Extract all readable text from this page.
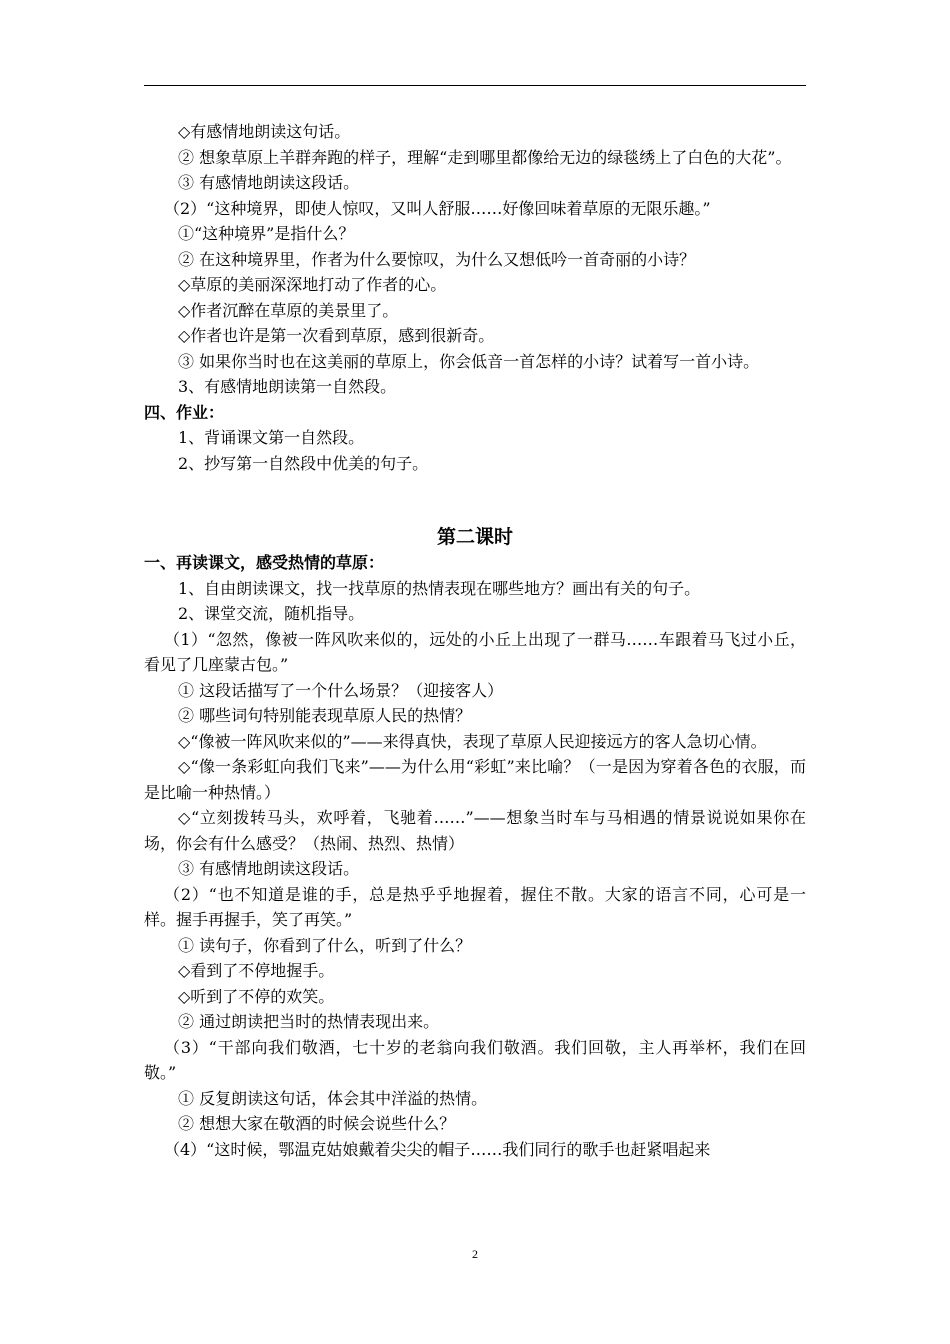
◇有感情地朗读这句话。
② 想象草原上羊群奔跑的样子，理解“走到哪里都像给无边的绿毯绣上了白色的大花”。
③ 有感情地朗读这段话。
（2）“这种境界，即使人惊叹，又叫人舒服……好像回味着草原的无限乐趣。”
①“这种境界”是指什么？
② 在这种境界里，作者为什么要惊叹，为什么又想低吟一首奇丽的小诗？
◇草原的美丽深深地打动了作者的心。
◇作者沉醉在草原的美景里了。
◇作者也许是第一次看到草原，感到很新奇。
③ 如果你当时也在这美丽的草原上，你会低音一首怎样的小诗？试着写一首小诗。
3、有感情地朗读第一自然段。
四、作业：
1、背诵课文第一自然段。
2、抄写第一自然段中优美的句子。
第二课时
一、再读课文，感受热情的草原：
1、自由朗读课文，找一找草原的热情表现在哪些地方？画出有关的句子。
2、课堂交流，随机指导。
（1）“忽然，像被一阵风吹来似的，远处的小丘上出现了一群马……车跟着马飞过小丘，看见了几座蒙古包。”
① 这段话描写了一个什么场景？（迎接客人）
② 哪些词句特别能表现草原人民的热情？
◇“像被一阵风吹来似的”——来得真快，表现了草原人民迎接远方的客人急切心情。
◇“像一条彩虹向我们飞来”——为什么用“彩虹”来比喻？（一是因为穿着各色的衣服，而是比喻一种热情。）
◇“立刻拨转马头，欢呼着，飞驰着……”——想象当时车与马相遇的情景说说如果你在场，你会有什么感受？（热闹、热烈、热情）
③ 有感情地朗读这段话。
（2）“也不知道是谁的手，总是热乎乎地握着，握住不散。大家的语言不同，心可是一样。握手再握手，笑了再笑。”
① 读句子，你看到了什么，听到了什么？
◇看到了不停地握手。
◇听到了不停的欢笑。
② 通过朗读把当时的热情表现出来。
（3）“干部向我们敬酒，七十岁的老翁向我们敬酒。我们回敬，主人再举杯，我们在回敬。”
① 反复朗读这句话，体会其中洋溢的热情。
② 想想大家在敬酒的时候会说些什么？
（4）“这时候，鄂温克姑娘戴着尖尖的帽子……我们同行的歌手也赶紧唱起来
2
